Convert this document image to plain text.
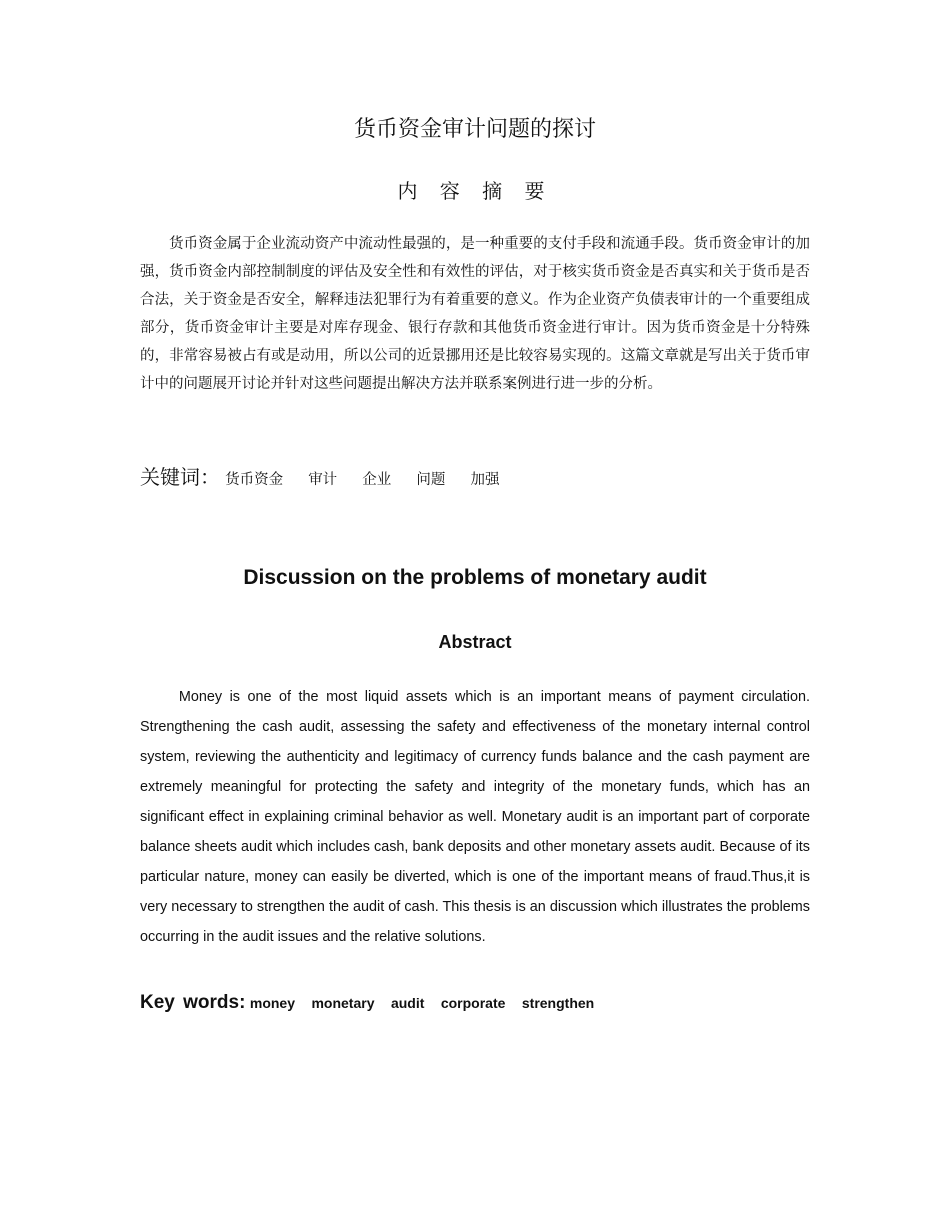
货币资金审计问题的探讨
内 容 摘 要

货币资金属于企业流动资产中流动性最强的，是一种重要的支付手段和流通手段。货币资金审计的加强，货币资金内部控制制度的评估及安全性和有效性的评估，对于核实货币资金是否真实和关于货币是否合法，关于资金是否安全，解释违法犯罪行为有着重要的意义。作为企业资产负债表审计的一个重要组成部分，货币资金审计主要是对库存现金、银行存款和其他货币资金进行审计。因为货币资金是十分特殊的，非常容易被占有或是动用，所以公司的近景挪用还是比较容易实现的。这篇文章就是写出关于货币审计中的问题展开讨论并针对这些问题提出解决方法并联系案例进行进一步的分析。

关键词： 货币资金 审计 企业 问题 加强

Discussion on the problems of monetary audit
Abstract

Money is one of the most liquid assets which is an important means of payment circulation. Strengthening the cash audit, assessing the safety and effectiveness of the monetary internal control system, reviewing the authenticity and legitimacy of currency funds balance and the cash payment are extremely meaningful for protecting the safety and integrity of the monetary funds, which has an significant effect in explaining criminal behavior as well. Monetary audit is an important part of corporate balance sheets audit which includes cash, bank deposits and other monetary assets audit. Because of its particular nature, money can easily be diverted, which is one of the important means of fraud.Thus,it is very necessary to strengthen the audit of cash. This thesis is an discussion which illustrates the problems occurring in the audit issues and the relative solutions.

Key words: money monetary audit corporate strengthen
